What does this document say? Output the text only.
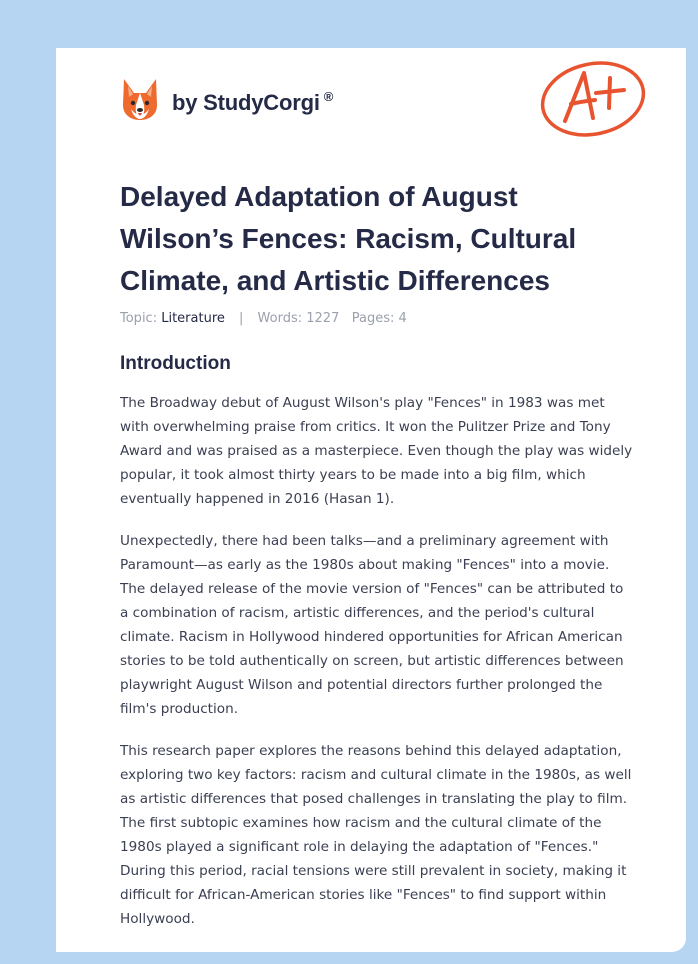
by StudyCorgi ®
Delayed Adaptation of August Wilson’s Fences: Racism, Cultural Climate, and Artistic Differences
Topic: Literature | Words: 1227 Pages: 4
Introduction

The Broadway debut of August Wilson's play "Fences" in 1983 was met with overwhelming praise from critics. It won the Pulitzer Prize and Tony Award and was praised as a masterpiece. Even though the play was widely popular, it took almost thirty years to be made into a big film, which eventually happened in 2016 (Hasan 1).

Unexpectedly, there had been talks—and a preliminary agreement with Paramount—as early as the 1980s about making "Fences" into a movie. The delayed release of the movie version of "Fences" can be attributed to a combination of racism, artistic differences, and the period's cultural climate. Racism in Hollywood hindered opportunities for African American stories to be told authentically on screen, but artistic differences between playwright August Wilson and potential directors further prolonged the film's production.

This research paper explores the reasons behind this delayed adaptation, exploring two key factors: racism and cultural climate in the 1980s, as well as artistic differences that posed challenges in translating the play to film. The first subtopic examines how racism and the cultural climate of the 1980s played a significant role in delaying the adaptation of "Fences." During this period, racial tensions were still prevalent in society, making it difficult for African-American stories like "Fences" to find support within Hollywood.
